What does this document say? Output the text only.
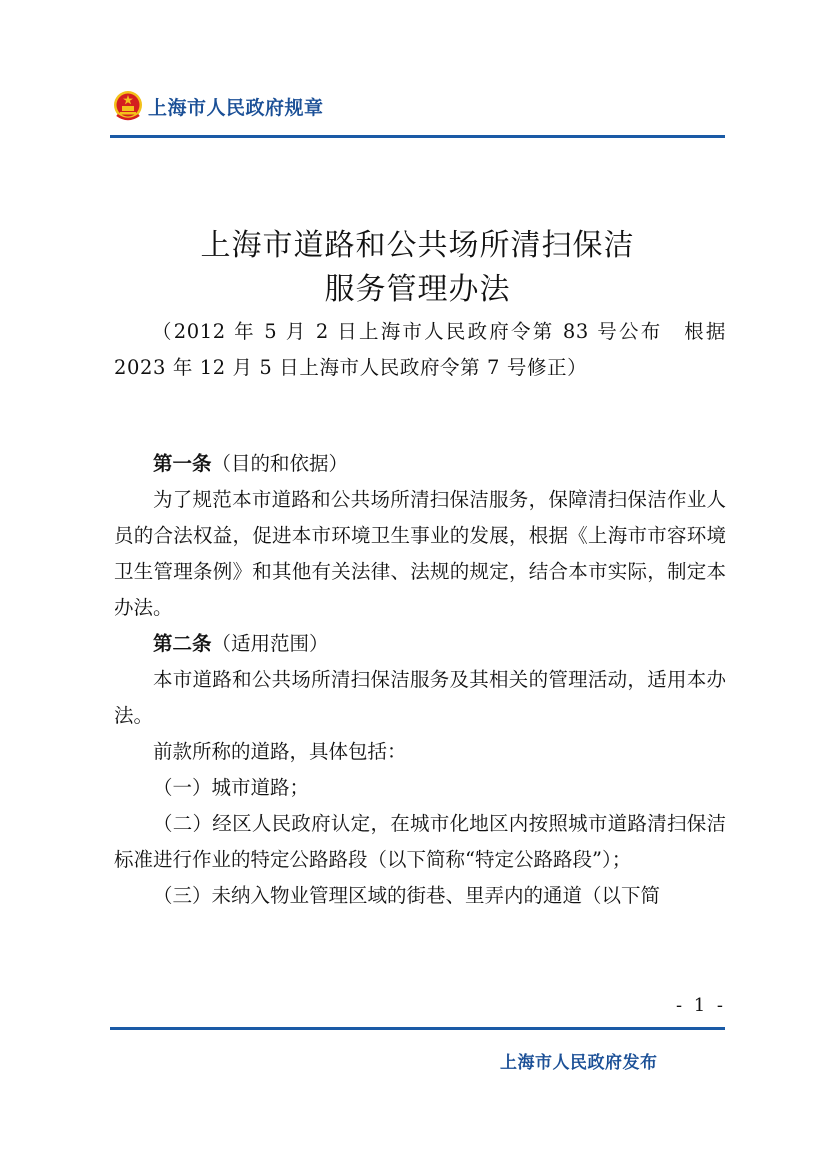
上海市人民政府规章
上海市道路和公共场所清扫保洁
服务管理办法

（2012 年 5 月 2 日上海市人民政府令第 83 号公布　根据 2023 年 12 月 5 日上海市人民政府令第 7 号修正）

第一条（目的和依据）

为了规范本市道路和公共场所清扫保洁服务，保障清扫保洁作业人员的合法权益，促进本市环境卫生事业的发展，根据《上海市市容环境卫生管理条例》和其他有关法律、法规的规定，结合本市实际，制定本办法。

第二条（适用范围）

本市道路和公共场所清扫保洁服务及其相关的管理活动，适用本办法。

前款所称的道路，具体包括：

（一）城市道路；

（二）经区人民政府认定，在城市化地区内按照城市道路清扫保洁标准进行作业的特定公路路段（以下简称“特定公路路段”）；

（三）未纳入物业管理区域的街巷、里弄内的通道（以下简

- 1 -
上海市人民政府发布
